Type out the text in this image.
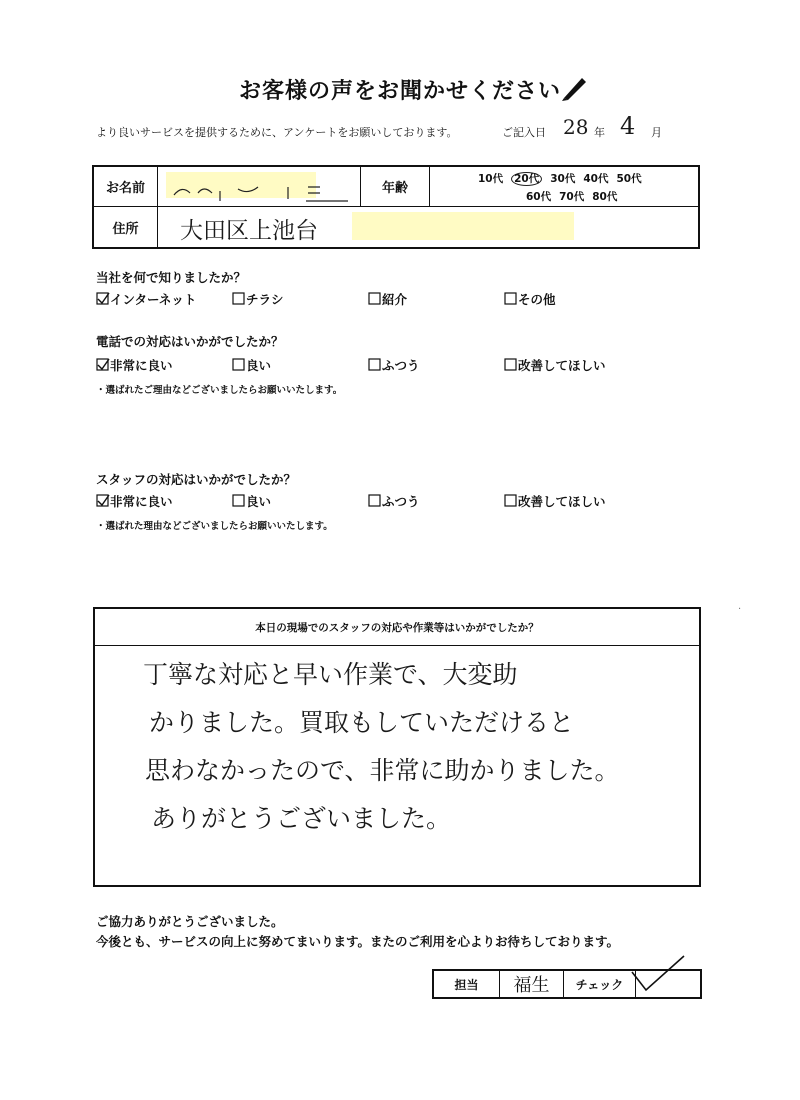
お客様の声をお聞かせください
より良いサービスを提供するために、アンケートをお願いしております。	ご記入日 28 年 4 月
お名前	年齢
10代 20代 30代 40代 50代
60代 70代 80代
住所	大田区上池台
当社を何で知りましたか？
インターネット	チラシ	紹介	その他
電話での対応はいかがでしたか？
非常に良い	良い	ふつう	改善してほしい
・選ばれたご理由などございましたらお願いいたします。
スタッフの対応はいかがでしたか？
非常に良い	良い	ふつう	改善してほしい
・選ばれた理由などございましたらお願いいたします。
·
本日の現場でのスタッフの対応や作業等はいかがでしたか？
丁寧な対応と早い作業で、大変助
かりました。買取もしていただけると
思わなかったので、非常に助かりました。
ありがとうございました。
ご協力ありがとうございました。
今後とも、サービスの向上に努めてまいります。またのご利用を心よりお待ちしております。
担当	福生	チェック
